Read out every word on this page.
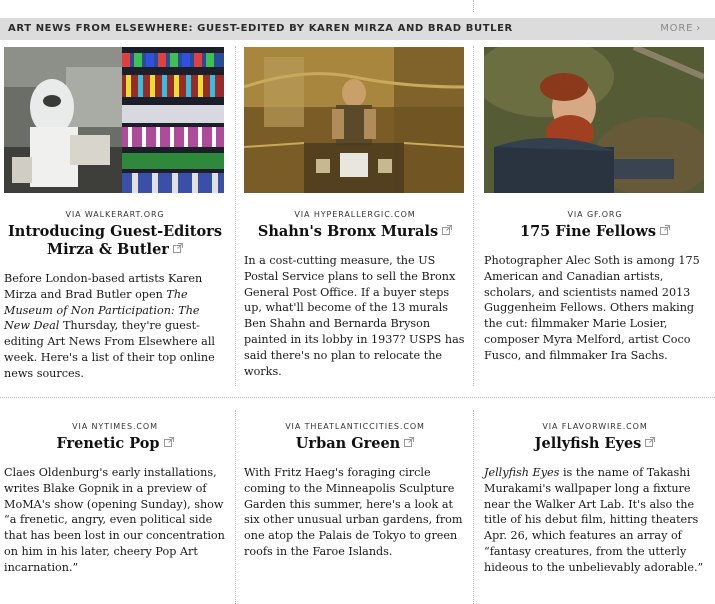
ART NEWS FROM ELSEWHERE: GUEST-EDITED BY KAREN MIRZA AND BRAD BUTLER	MORE ›
VIA WALKERART.ORG
Introducing Guest-Editors
Mirza & Butler
Before London-based artists Karen Mirza and Brad Butler open The Museum of Non Participation: The New Deal Thursday, they're guest-editing Art News From Elsewhere all week. Here's a list of their top online news sources.
VIA HYPERALLERGIC.COM
Shahn's Bronx Murals
In a cost-cutting measure, the US Postal Service plans to sell the Bronx General Post Office. If a buyer steps up, what'll become of the 13 murals Ben Shahn and Bernarda Bryson painted in its lobby in 1937? USPS has said there's no plan to relocate the works.
VIA GF.ORG
175 Fine Fellows
Photographer Alec Soth is among 175 American and Canadian artists, scholars, and scientists named 2013 Guggenheim Fellows. Others making the cut: filmmaker Marie Losier, composer Myra Melford, artist Coco Fusco, and filmmaker Ira Sachs.
VIA NYTIMES.COM
Frenetic Pop
Claes Oldenburg's early installations, writes Blake Gopnik in a preview of MoMA's show (opening Sunday), show “a frenetic, angry, even political side that has been lost in our concentration on him in his later, cheery Pop Art incarnation.”
VIA THEATLANTICCITIES.COM
Urban Green
With Fritz Haeg's foraging circle coming to the Minneapolis Sculpture Garden this summer, here's a look at six other unusual urban gardens, from one atop the Palais de Tokyo to green roofs in the Faroe Islands.
VIA FLAVORWIRE.COM
Jellyfish Eyes
Jellyfish Eyes is the name of Takashi Murakami's wallpaper long a fixture near the Walker Art Lab. It's also the title of his debut film, hitting theaters Apr. 26, which features an array of “fantasy creatures, from the utterly hideous to the unbelievably adorable.”
